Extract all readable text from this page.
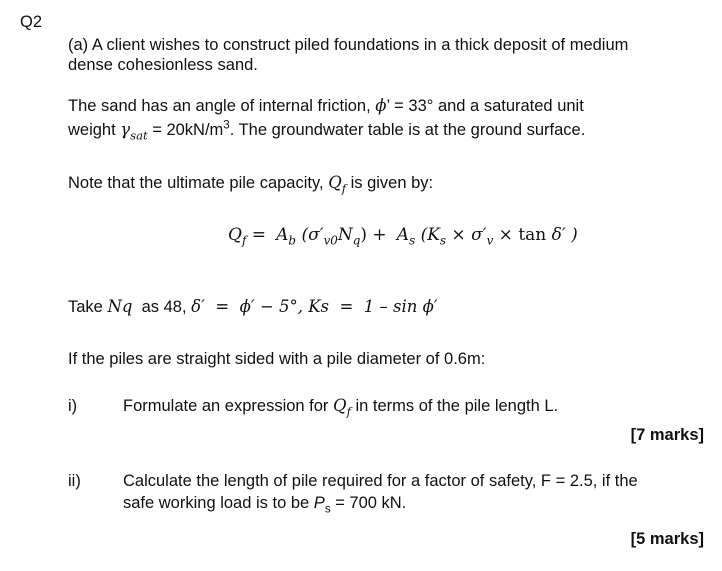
Q2
(a) A client wishes to construct piled foundations in a thick deposit of medium
dense cohesionless sand.
The sand has an angle of internal friction, ϕ’ = 33° and a saturated unit
weight $\gamma_{sat} = 20kN/m^3$. The groundwater table is at the ground surface.
Note that the ultimate pile capacity, $Q_f$ is given by:
$Q_f = A_b$ $(\sigma'_{v0}N_q) + A_s$ ($K_s \times \sigma'_v \times \tan \delta'$ )
Take Nq as 48, δ′  =  ϕ′ − 5°, Ks  =  1 – sin ϕ′
If the piles are straight sided with a pile diameter of 0.6m:
i)	Formulate an expression for $Q_f$ in terms of the pile length L.
[7 marks]
ii)	Calculate the length of pile required for a factor of safety, F = 2.5, if the
safe working load is to be $P_s = 700$ kN.
[5 marks]
